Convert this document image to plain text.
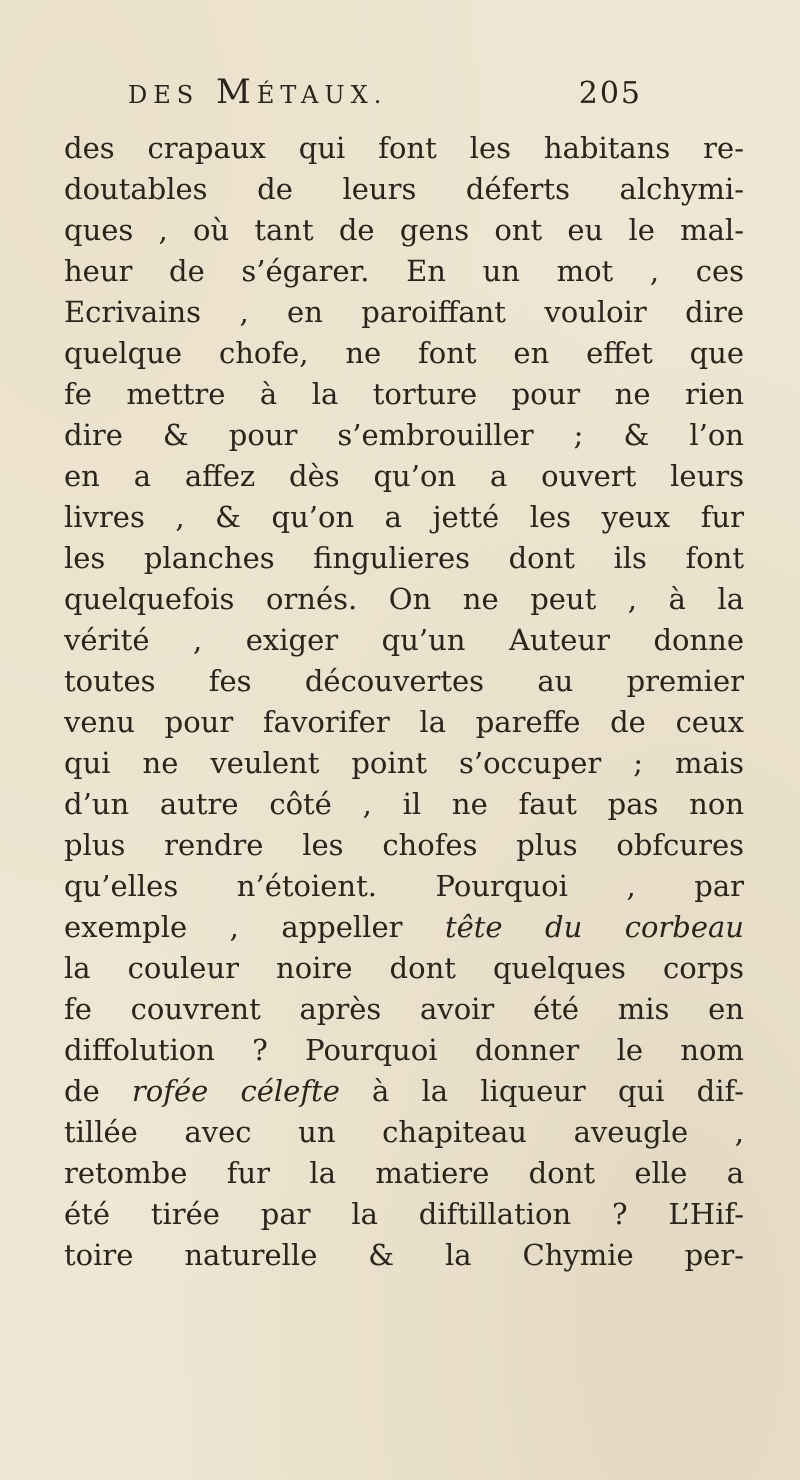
DES MÉTAUX.	205
des crapaux qui font les habitans re-
doutables de leurs déferts alchymi-
ques , où tant de gens ont eu le mal-
heur de s’égarer. En un mot , ces
Ecrivains , en paroiffant vouloir dire
quelque chofe, ne font en effet que
fe mettre à la torture pour ne rien
dire & pour s’embrouiller ; & l’on
en a affez dès qu’on a ouvert leurs
livres , & qu’on a jetté les yeux fur
les planches fingulieres dont ils font
quelquefois ornés. On ne peut , à la
vérité , exiger qu’un Auteur donne
toutes fes découvertes au premier
venu pour favorifer la pareffe de ceux
qui ne veulent point s’occuper ; mais
d’un autre côté , il ne faut pas non
plus rendre les chofes plus obfcures
qu’elles n’étoient. Pourquoi , par
exemple , appeller tête du corbeau
la couleur noire dont quelques corps
fe couvrent après avoir été mis en
diffolution ? Pourquoi donner le nom
de rofée célefte à la liqueur qui dif-
tillée avec un chapiteau aveugle ,
retombe fur la matiere dont elle a
été tirée par la diftillation ? L’Hif-
toire naturelle & la Chymie per-
